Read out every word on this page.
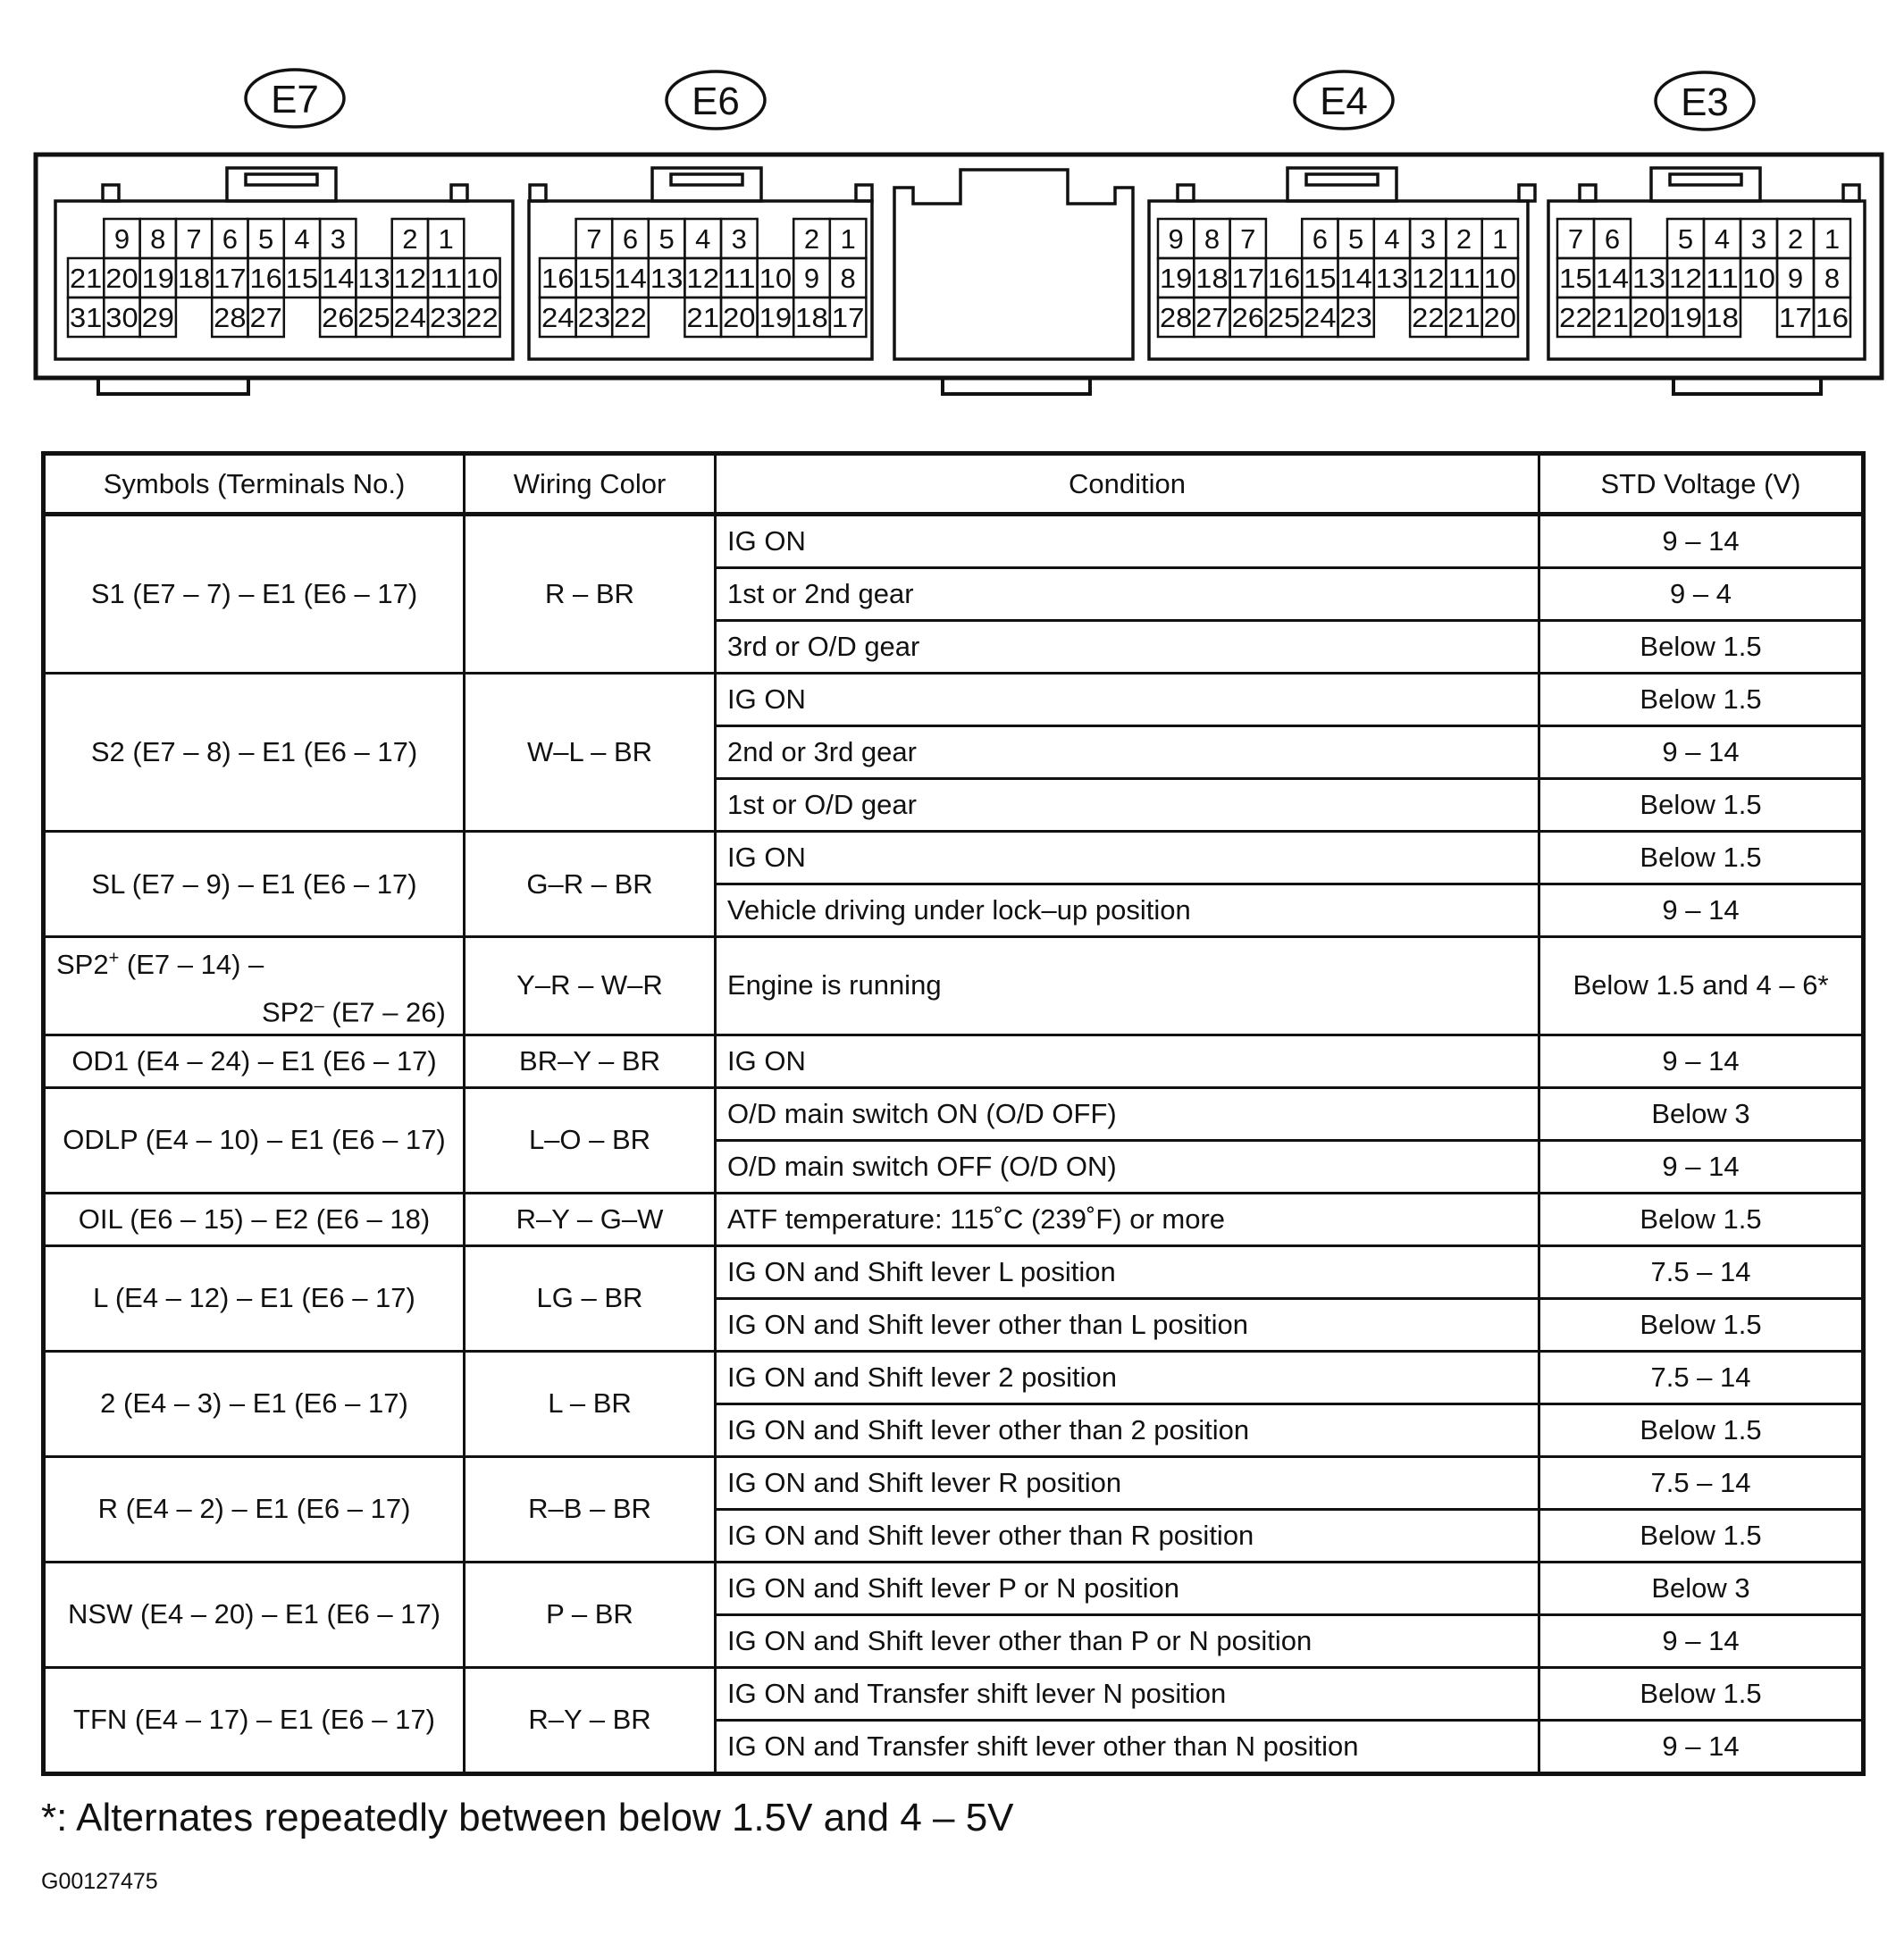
E7	E6	E4	E3
9 8 7 6 5 4 3 2 1
21 20 19 18 17 16 15 14 13 12 11 10
31 30 29 28 27 26 25 24 23 22
7 6 5 4 3 2 1
16 15 14 13 12 11 10 9 8
24 23 22 21 20 19 18 17
9 8 7 6 5 4 3 2 1
19 18 17 16 15 14 13 12 11 10
28 27 26 25 24 23 22 21 20
7 6 5 4 3 2 1
15 14 13 12 11 10 9 8
22 21 20 19 18 17 16
Symbols (Terminals No.)	Wiring Color	Condition	STD Voltage (V)
S1 (E7 – 7) – E1 (E6 – 17)	R – BR	IG ON	9 – 14
		1st or 2nd gear	9 – 4
		3rd or O/D gear	Below 1.5
S2 (E7 – 8) – E1 (E6 – 17)	W–L – BR	IG ON	Below 1.5
		2nd or 3rd gear	9 – 14
		1st or O/D gear	Below 1.5
SL (E7 – 9) – E1 (E6 – 17)	G–R – BR	IG ON	Below 1.5
		Vehicle driving under lock–up position	9 – 14
SP2+ (E7 – 14) –
SP2– (E7 – 26)	Y–R – W–R	Engine is running	Below 1.5 and 4 – 6*
OD1 (E4 – 24) – E1 (E6 – 17)	BR–Y – BR	IG ON	9 – 14
ODLP (E4 – 10) – E1 (E6 – 17)	L–O – BR	O/D main switch ON (O/D OFF)	Below 3
		O/D main switch OFF (O/D ON)	9 – 14
OIL (E6 – 15) – E2 (E6 – 18)	R–Y – G–W	ATF temperature: 115˚C (239˚F) or more	Below 1.5
L (E4 – 12) – E1 (E6 – 17)	LG – BR	IG ON and Shift lever L position	7.5 – 14
		IG ON and Shift lever other than L position	Below 1.5
2 (E4 – 3) – E1 (E6 – 17)	L – BR	IG ON and Shift lever 2 position	7.5 – 14
		IG ON and Shift lever other than 2 position	Below 1.5
R (E4 – 2) – E1 (E6 – 17)	R–B – BR	IG ON and Shift lever R position	7.5 – 14
		IG ON and Shift lever other than R position	Below 1.5
NSW (E4 – 20) – E1 (E6 – 17)	P – BR	IG ON and Shift lever P or N position	Below 3
		IG ON and Shift lever other than P or N position	9 – 14
TFN (E4 – 17) – E1 (E6 – 17)	R–Y – BR	IG ON and Transfer shift lever N position	Below 1.5
		IG ON and Transfer shift lever other than N position	9 – 14
*: Alternates repeatedly between below 1.5V and 4 – 5V
G00127475
